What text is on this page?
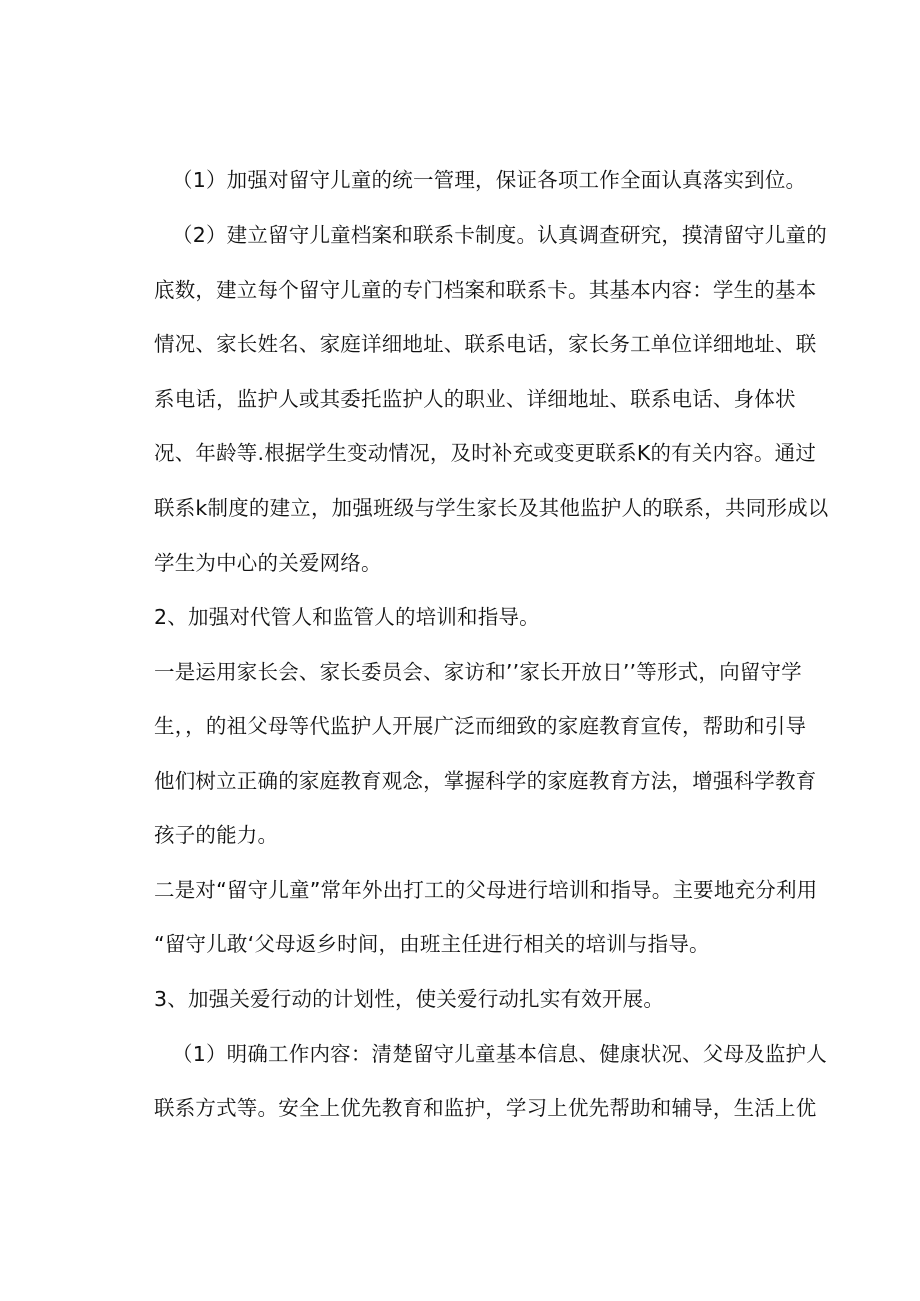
（1）加强对留守儿童的统一管理，保证各项工作全面认真落实到位。

（2）建立留守儿童档案和联系卡制度。认真调查研究，摸清留守儿童的

底数，建立每个留守儿童的专门档案和联系卡。其基本内容：学生的基本

情况、家长姓名、家庭详细地址、联系电话，家长务工单位详细地址、联

系电话，监护人或其委托监护人的职业、详细地址、联系电话、身体状

况、年龄等.根据学生变动情况，及时补充或变更联系K的有关内容。通过

联系k制度的建立，加强班级与学生家长及其他监护人的联系，共同形成以

学生为中心的关爱网络。

2、加强对代管人和监管人的培训和指导。

一是运用家长会、家长委员会、家访和’’家长开放日’’等形式，向留守学

生，，的祖父母等代监护人开展广泛而细致的家庭教育宣传，帮助和引导

他们树立正确的家庭教育观念，掌握科学的家庭教育方法，增强科学教育

孩子的能力。

二是对“留守儿童”常年外出打工的父母进行培训和指导。主要地充分利用

“留守儿敢‘父母返乡时间，由班主任进行相关的培训与指导。

3、加强关爱行动的计划性，使关爱行动扎实有效开展。

（1）明确工作内容：清楚留守儿童基本信息、健康状况、父母及监护人

联系方式等。安全上优先教育和监护，学习上优先帮助和辅导，生活上优
